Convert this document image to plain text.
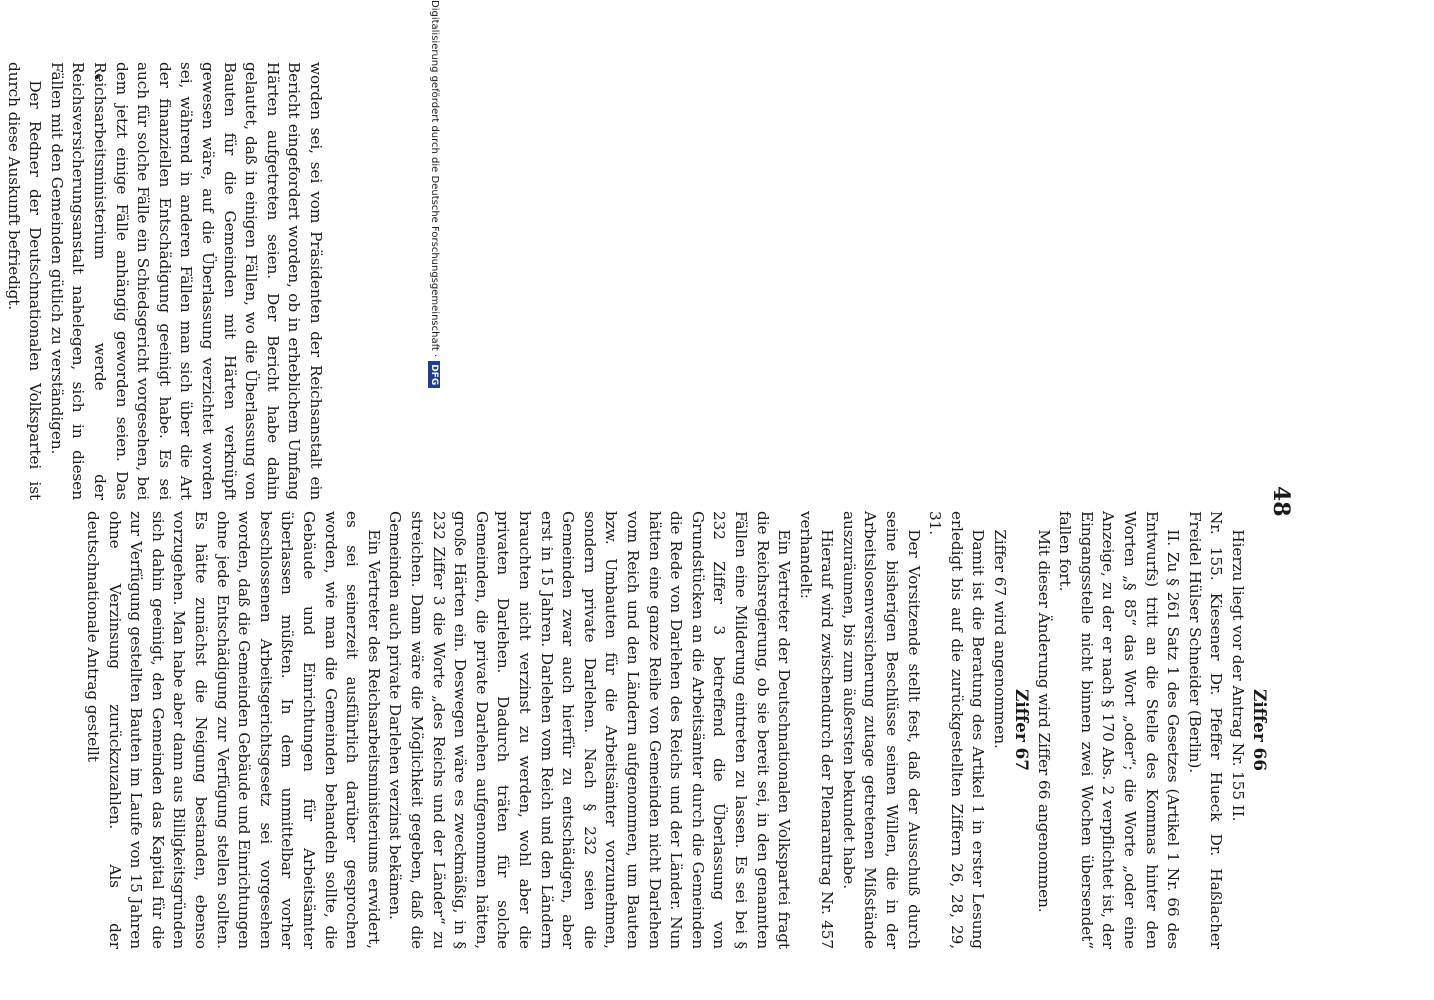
48

worden sei, sei vom Präsidenten der Reichsanstalt ein Bericht eingefordert worden, ob in erheblichem Umfang Härten aufgetreten seien. Der Bericht habe dahin gelautet, daß in einigen Fällen, wo die Überlassung von Bauten für die Gemeinden mit Härten verknüpft gewesen wäre, auf die Überlassung verzichtet worden sei, während in anderen Fällen man sich über die Art der finanziellen Entschädigung geeinigt habe. Es sei auch für solche Fälle ein Schiedsgericht vorgesehen, bei dem jetzt einige Fälle anhängig geworden seien. Das Reichsarbeitsministerium werde der Reichsversicherungsanstalt nahelegen, sich in diesen Fällen mit den Gemeinden gütlich zu verständigen.

Der Redner der Deutschnationalen Volkspartei ist durch diese Auskunft befriedigt.

Ziffer 66

Hierzu liegt vor der Antrag Nr. 155 II.

Nr. 155. Kiesener Dr. Pfeffer Hueck Dr. Haßlacher Freidel Hülser Schneider (Berlin).

II. Zu § 261 Satz 1 des Gesetzes (Artikel 1 Nr. 66 des Entwurfs) tritt an die Stelle des Kommas hinter den Worten „§ 85“ das Wort „oder“; die Worte „oder eine Anzeige, zu der er nach § 170 Abs. 2 verpflichtet ist, der Eingangsstelle nicht binnen zwei Wochen übersendet“ fallen fort.

Mit dieser Änderung wird Ziffer 66 angenommen.

Ziffer 67

Ziffer 67 wird angenommen.

Damit ist die Beratung des Artikel 1 in erster Lesung erledigt bis auf die zurückgestellten Ziffern 26, 28, 29, 31.

Der Vorsitzende stellt fest, daß der Ausschuß durch seine bisherigen Beschlüsse seinen Willen, die in der Arbeitslosenversicherung zutage getretenen Mißstände auszuräumen, bis zum äußersten bekundet habe.

Hierauf wird zwischendurch der Plenarantrag Nr. 457 verhandelt:

Ein Vertreter der Deutschnationalen Volkspartei fragt die Reichsregierung, ob sie bereit sei, in den genannten Fällen eine Milderung eintreten zu lassen. Es sei bei § 232 Ziffer 3 betreffend die Überlassung von Grundstücken an die Arbeitsämter durch die Gemeinden die Rede von Darlehen des Reichs und der Länder. Nun hätten eine ganze Reihe von Gemeinden nicht Darlehen vom Reich und den Ländern aufgenommen, um Bauten bzw. Umbauten für die Arbeitsämter vorzunehmen, sondern private Darlehen. Nach § 232 seien die Gemeinden zwar auch hierfür zu entschädigen, aber erst in 15 Jahren. Darlehen vom Reich und den Ländern brauchten nicht verzinst zu werden, wohl aber die privaten Darlehen. Dadurch träten für solche Gemeinden, die private Darlehen aufgenommen hätten, große Härten ein. Deswegen wäre es zweckmäßig, in § 232 Ziffer 3 die Worte „des Reichs und der Länder“ zu streichen. Dann wäre die Möglichkeit gegeben, daß die Gemeinden auch private Darlehen verzinst bekämen.

Ein Vertreter des Reichsarbeitsministeriums erwidert, es sei seinerzeit ausführlich darüber gesprochen worden, wie man die Gemeinden behandeln sollte, die Gebäude und Einrichtungen für Arbeitsämter überlassen müßten. In dem unmittelbar vorher beschlossenen Arbeitsgerichtsgesetz sei vorgesehen worden, daß die Gemeinden Gebäude und Einrichtungen ohne jede Entschädigung zur Verfügung stellen sollten. Es hätte zunächst die Neigung bestanden, ebenso vorzugehen. Man habe aber dann aus Billigkeitsgründen sich dahin geeinigt, den Gemeinden das Kapital für die zur Verfügung gestellten Bauten im Laufe von 15 Jahren ohne Verzinsung zurückzuzahlen. Als der deutschnationale Antrag gestellt

Digitalisierung gefördert durch die Deutsche Forschungsgemeinschaft ·DFG
